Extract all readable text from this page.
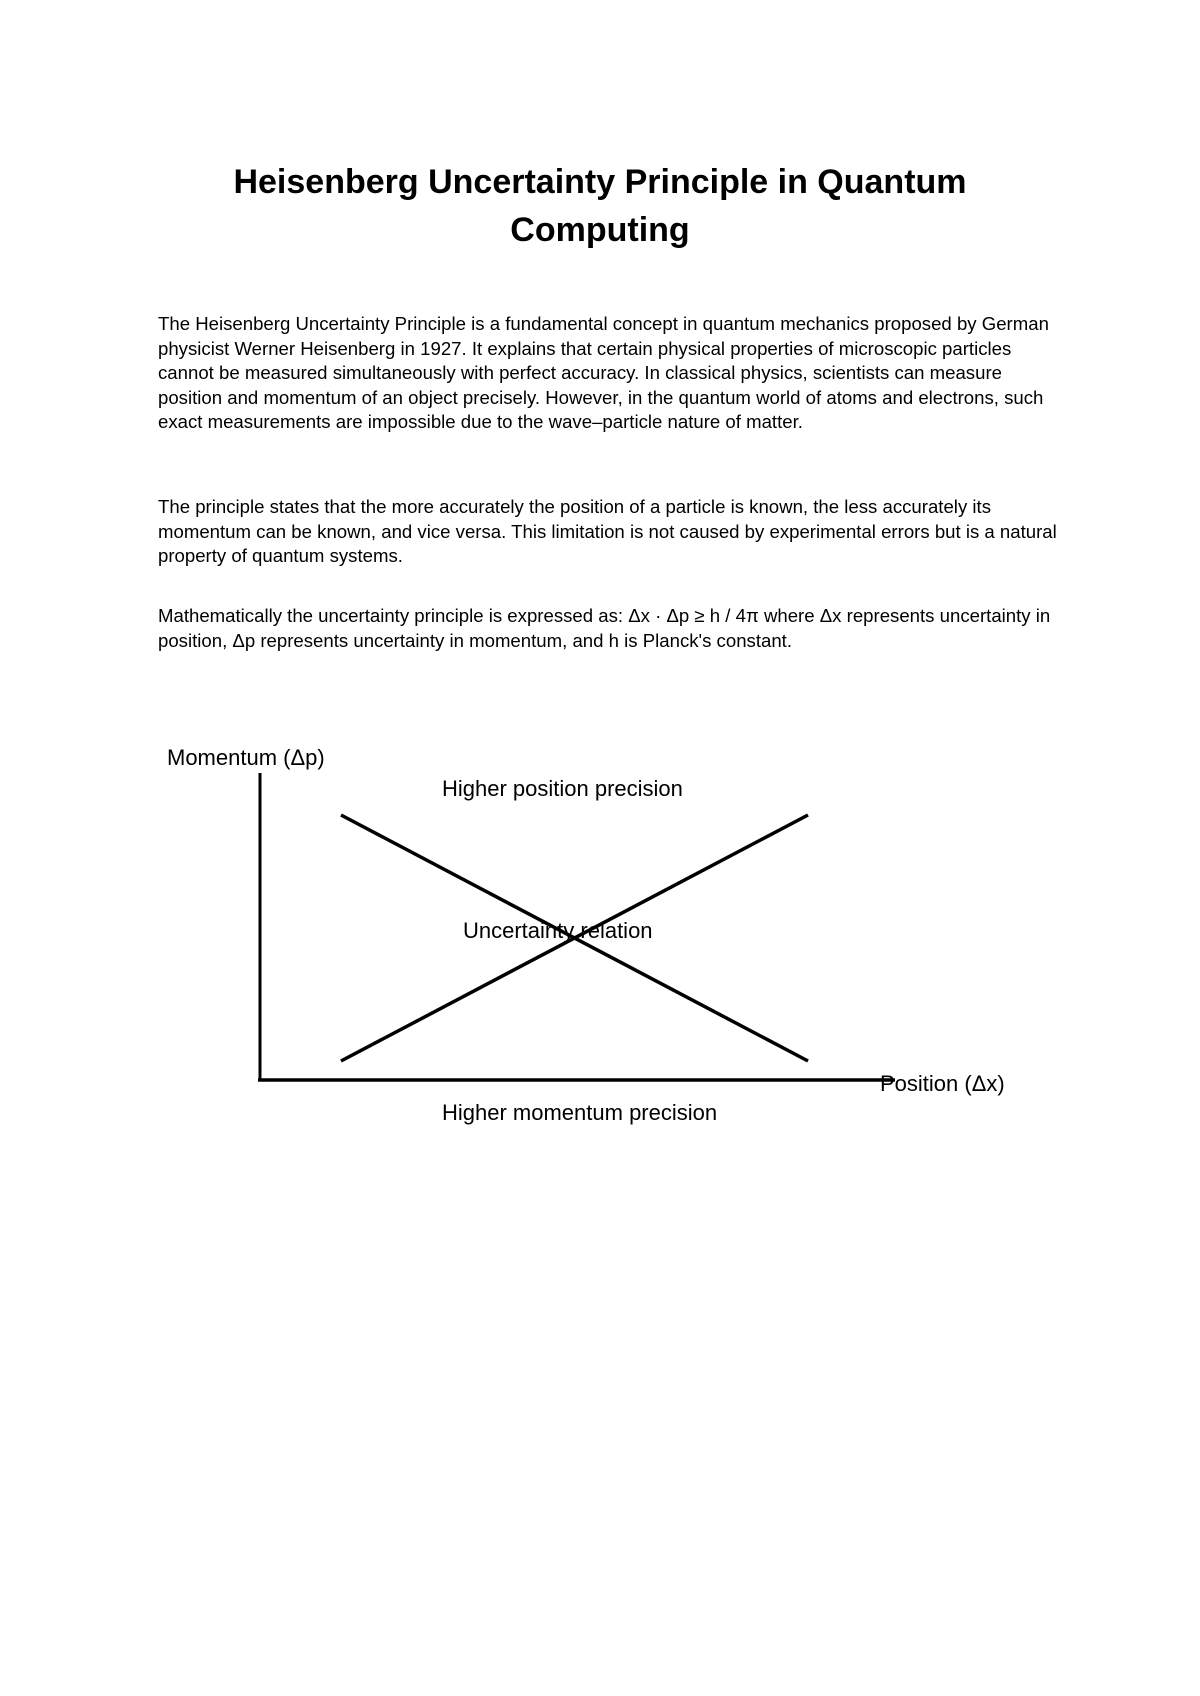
Heisenberg Uncertainty Principle in Quantum Computing

The Heisenberg Uncertainty Principle is a fundamental concept in quantum mechanics proposed by German physicist Werner Heisenberg in 1927. It explains that certain physical properties of microscopic particles cannot be measured simultaneously with perfect accuracy. In classical physics, scientists can measure position and momentum of an object precisely. However, in the quantum world of atoms and electrons, such exact measurements are impossible due to the wave–particle nature of matter.

The principle states that the more accurately the position of a particle is known, the less accurately its momentum can be known, and vice versa. This limitation is not caused by experimental errors but is a natural property of quantum systems.

Mathematically the uncertainty principle is expressed as: Δx · Δp ≥ h / 4π where Δx represents uncertainty in position, Δp represents uncertainty in momentum, and h is Planck's constant.

Momentum (Δp)
Higher position precision
Uncertainty relation
Position (Δx)
Higher momentum precision
